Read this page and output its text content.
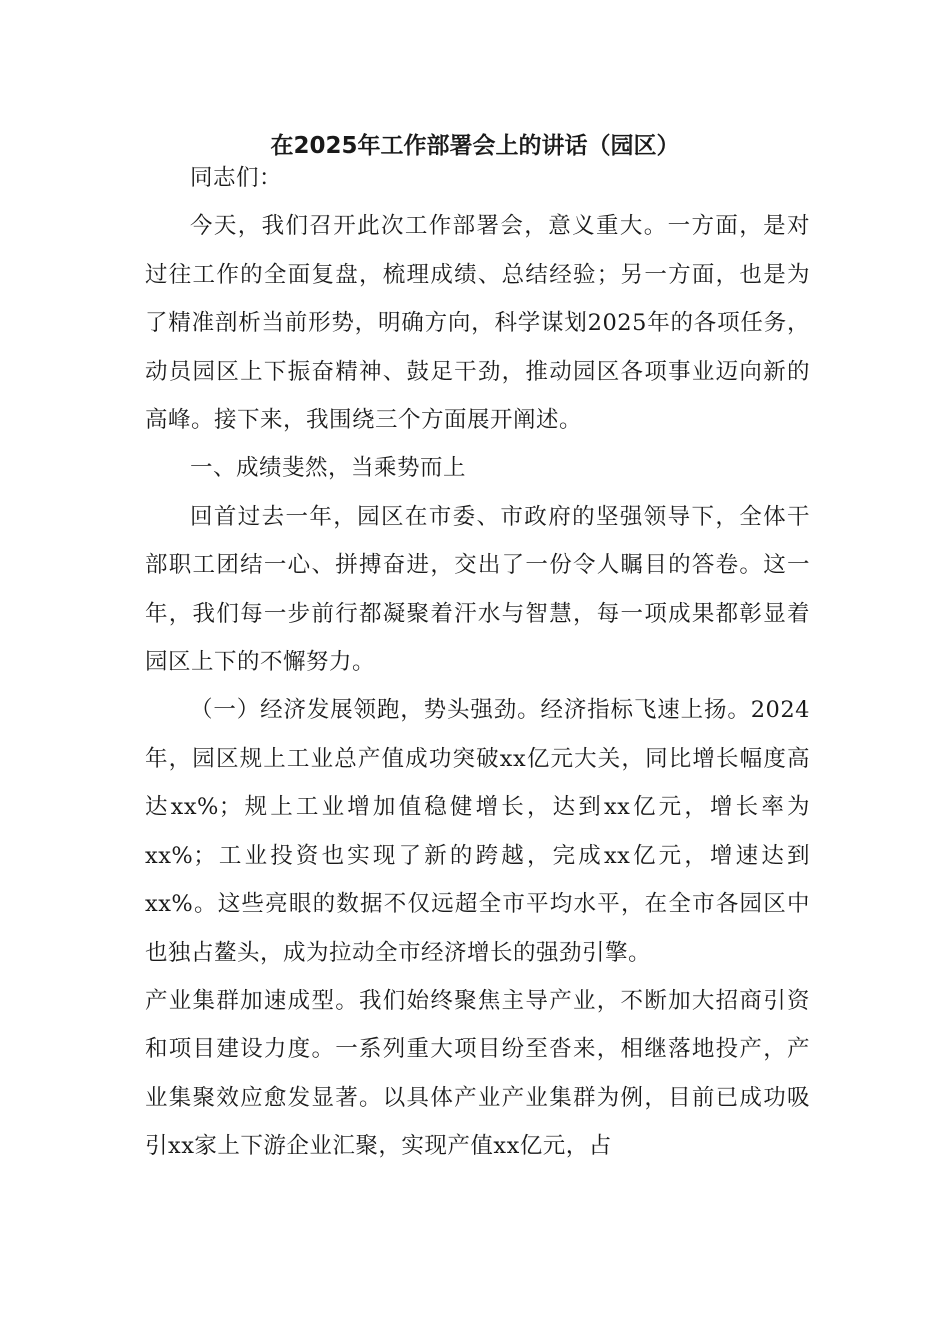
在2025年工作部署会上的讲话（园区）

同志们：

今天，我们召开此次工作部署会，意义重大。一方面，是对过往工作的全面复盘，梳理成绩、总结经验；另一方面，也是为了精准剖析当前形势，明确方向，科学谋划2025年的各项任务，动员园区上下振奋精神、鼓足干劲，推动园区各项事业迈向新的高峰。接下来，我围绕三个方面展开阐述。

一、成绩斐然，当乘势而上

回首过去一年，园区在市委、市政府的坚强领导下，全体干部职工团结一心、拼搏奋进，交出了一份令人瞩目的答卷。这一年，我们每一步前行都凝聚着汗水与智慧，每一项成果都彰显着园区上下的不懈努力。

（一）经济发展领跑，势头强劲。经济指标飞速上扬。2024年，园区规上工业总产值成功突破xx亿元大关，同比增长幅度高达xx%；规上工业增加值稳健增长，达到xx亿元，增长率为xx%；工业投资也实现了新的跨越，完成xx亿元，增速达到xx%。这些亮眼的数据不仅远超全市平均水平，在全市各园区中也独占鳌头，成为拉动全市经济增长的强劲引擎。

产业集群加速成型。我们始终聚焦主导产业，不断加大招商引资和项目建设力度。一系列重大项目纷至沓来，相继落地投产，产业集聚效应愈发显著。以具体产业产业集群为例，目前已成功吸引xx家上下游企业汇聚，实现产值xx亿元，占
